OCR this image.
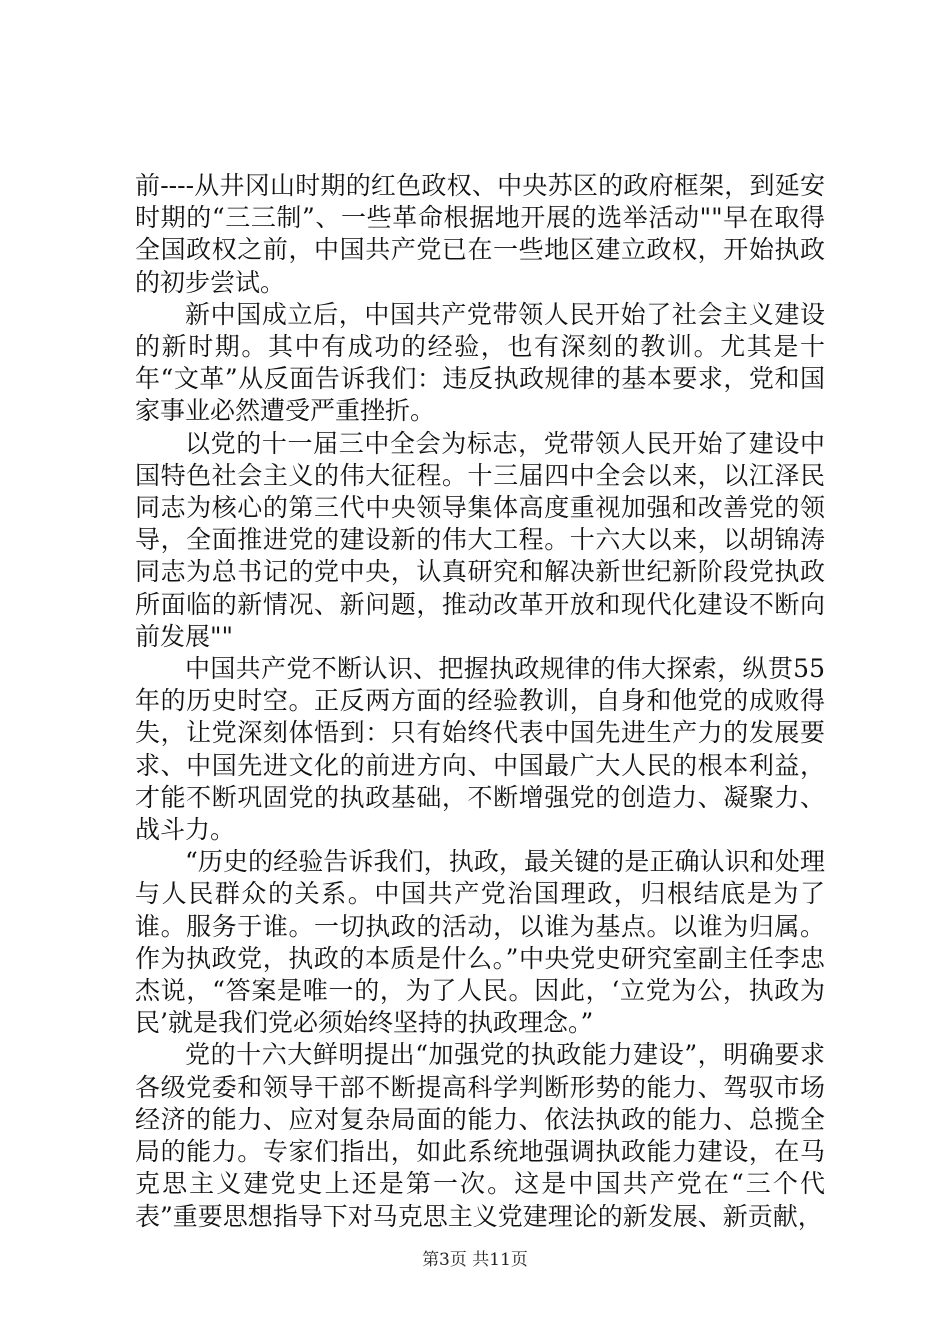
前----从井冈山时期的红色政权、中央苏区的政府框架，到延安时期的“三三制”、一些革命根据地开展的选举活动""早在取得全国政权之前，中国共产党已在一些地区建立政权，开始执政的初步尝试。

新中国成立后，中国共产党带领人民开始了社会主义建设的新时期。其中有成功的经验，也有深刻的教训。尤其是十年“文革”从反面告诉我们：违反执政规律的基本要求，党和国家事业必然遭受严重挫折。

以党的十一届三中全会为标志，党带领人民开始了建设中国特色社会主义的伟大征程。十三届四中全会以来，以江泽民同志为核心的第三代中央领导集体高度重视加强和改善党的领导，全面推进党的建设新的伟大工程。十六大以来，以胡锦涛同志为总书记的党中央，认真研究和解决新世纪新阶段党执政所面临的新情况、新问题，推动改革开放和现代化建设不断向前发展""

中国共产党不断认识、把握执政规律的伟大探索，纵贯55年的历史时空。正反两方面的经验教训，自身和他党的成败得失，让党深刻体悟到：只有始终代表中国先进生产力的发展要求、中国先进文化的前进方向、中国最广大人民的根本利益，才能不断巩固党的执政基础，不断增强党的创造力、凝聚力、战斗力。

“历史的经验告诉我们，执政，最关键的是正确认识和处理与人民群众的关系。中国共产党治国理政，归根结底是为了谁。服务于谁。一切执政的活动，以谁为基点。以谁为归属。作为执政党，执政的本质是什么。”中央党史研究室副主任李忠杰说，“答案是唯一的，为了人民。因此，‘立党为公，执政为民’就是我们党必须始终坚持的执政理念。”

党的十六大鲜明提出“加强党的执政能力建设”，明确要求各级党委和领导干部不断提高科学判断形势的能力、驾驭市场经济的能力、应对复杂局面的能力、依法执政的能力、总揽全局的能力。专家们指出，如此系统地强调执政能力建设，在马克思主义建党史上还是第一次。这是中国共产党在“三个代表”重要思想指导下对马克思主义党建理论的新发展、新贡献，

第3页 共11页
